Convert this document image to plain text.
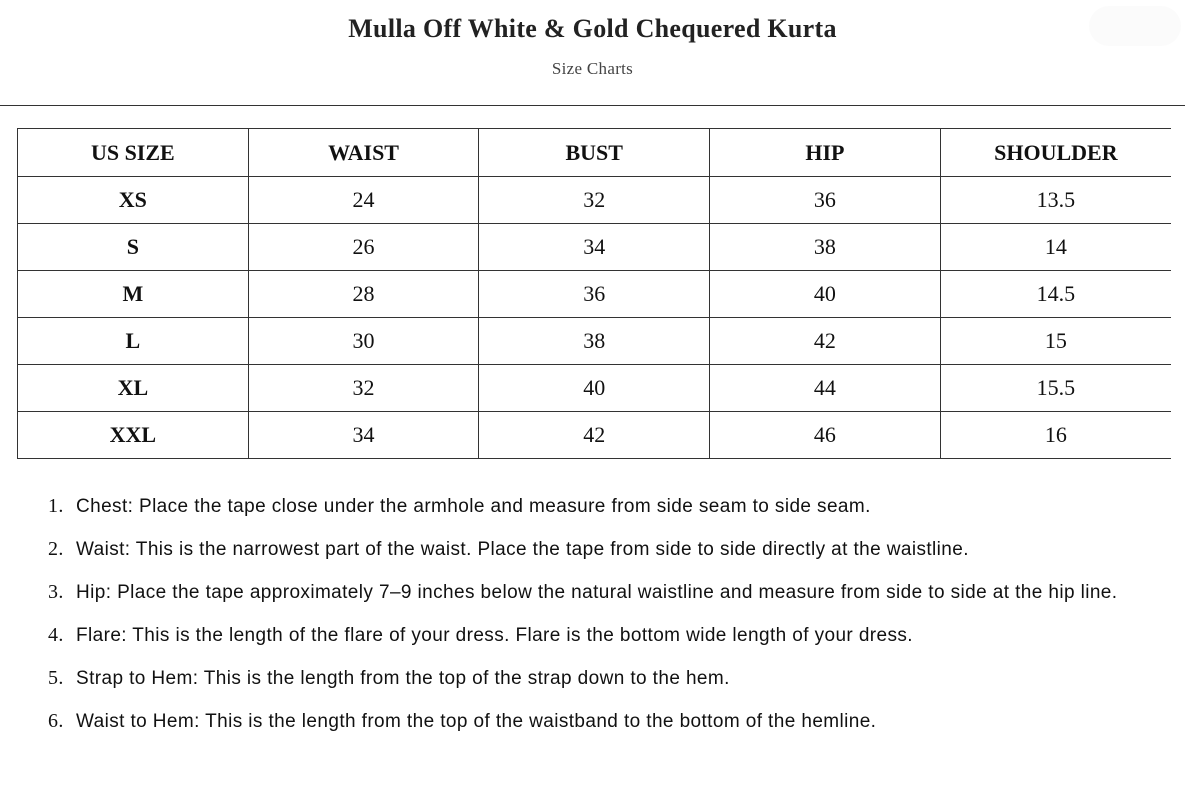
Mulla Off White & Gold Chequered Kurta
Size Charts
US SIZE	WAIST	BUST	HIP	SHOULDER
XS	24	32	36	13.5
S	26	34	38	14
M	28	36	40	14.5
L	30	38	42	15
XL	32	40	44	15.5
XXL	34	42	46	16
1. Chest: Place the tape close under the armhole and measure from side seam to side seam.
2. Waist: This is the narrowest part of the waist. Place the tape from side to side directly at the waistline.
3. Hip: Place the tape approximately 7–9 inches below the natural waistline and measure from side to side at the hip line.
4. Flare: This is the length of the flare of your dress. Flare is the bottom wide length of your dress.
5. Strap to Hem: This is the length from the top of the strap down to the hem.
6. Waist to Hem: This is the length from the top of the waistband to the bottom of the hemline.
